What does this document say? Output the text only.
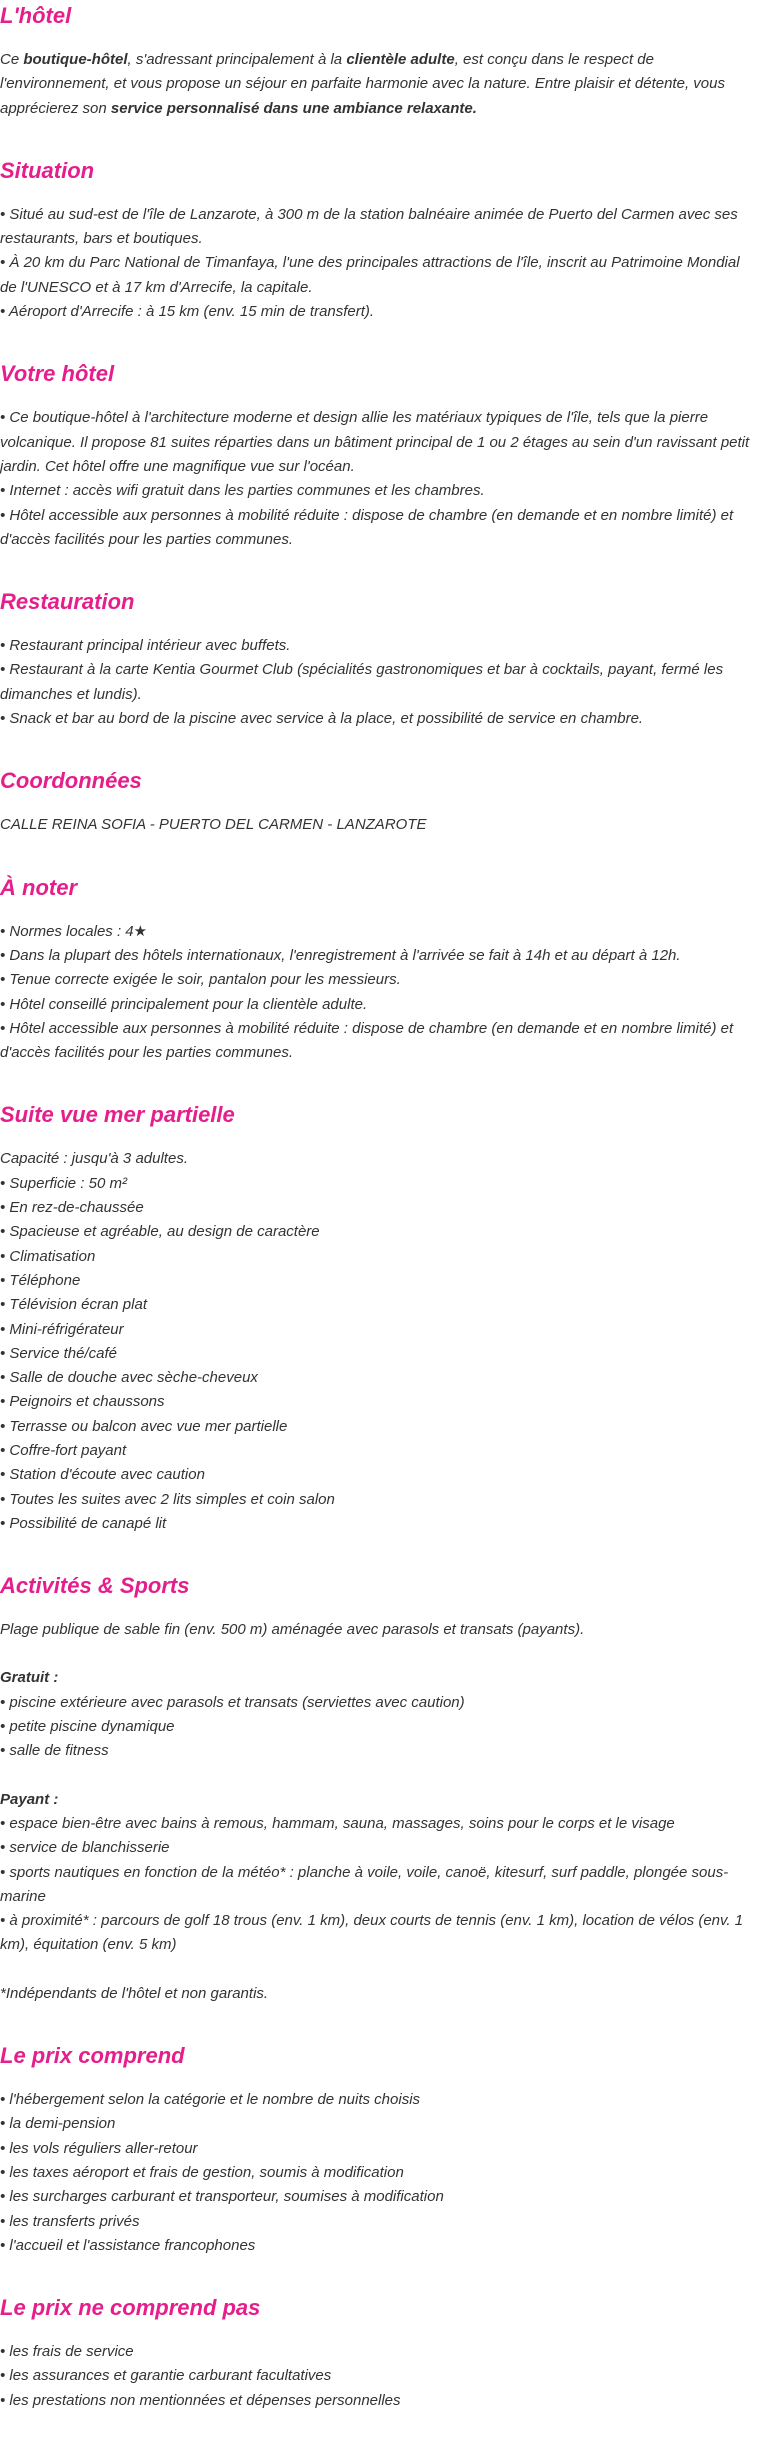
L'hôtel

Ce boutique-hôtel, s'adressant principalement à la clientèle adulte, est conçu dans le respect de l'environnement, et vous propose un séjour en parfaite harmonie avec la nature. Entre plaisir et détente, vous apprécierez son service personnalisé dans une ambiance relaxante.

Situation
• Situé au sud-est de l'île de Lanzarote, à 300 m de la station balnéaire animée de Puerto del Carmen avec ses restaurants, bars et boutiques.
• À 20 km du Parc National de Timanfaya, l'une des principales attractions de l'île, inscrit au Patrimoine Mondial de l'UNESCO et à 17 km d'Arrecife, la capitale.
• Aéroport d'Arrecife : à 15 km (env. 15 min de transfert).
Votre hôtel
• Ce boutique-hôtel à l'architecture moderne et design allie les matériaux typiques de l'île, tels que la pierre volcanique. Il propose 81 suites réparties dans un bâtiment principal de 1 ou 2 étages au sein d'un ravissant petit jardin. Cet hôtel offre une magnifique vue sur l'océan.
• Internet : accès wifi gratuit dans les parties communes et les chambres.
• Hôtel accessible aux personnes à mobilité réduite : dispose de chambre (en demande et en nombre limité) et d'accès facilités pour les parties communes.
Restauration
• Restaurant principal intérieur avec buffets.
• Restaurant à la carte Kentia Gourmet Club (spécialités gastronomiques et bar à cocktails, payant, fermé les dimanches et lundis).
• Snack et bar au bord de la piscine avec service à la place, et possibilité de service en chambre.
Coordonnées
CALLE REINA SOFIA - PUERTO DEL CARMEN - LANZAROTE
À noter
• Normes locales : 4★
• Dans la plupart des hôtels internationaux, l'enregistrement à l'arrivée se fait à 14h et au départ à 12h.
• Tenue correcte exigée le soir, pantalon pour les messieurs.
• Hôtel conseillé principalement pour la clientèle adulte.
• Hôtel accessible aux personnes à mobilité réduite : dispose de chambre (en demande et en nombre limité) et d'accès facilités pour les parties communes.
Suite vue mer partielle
Capacité : jusqu'à 3 adultes.
• Superficie : 50 m²
• En rez-de-chaussée
• Spacieuse et agréable, au design de caractère
• Climatisation
• Téléphone
• Télévision écran plat
• Mini-réfrigérateur
• Service thé/café
• Salle de douche avec sèche-cheveux
• Peignoirs et chaussons
• Terrasse ou balcon avec vue mer partielle
• Coffre-fort payant
• Station d'écoute avec caution
• Toutes les suites avec 2 lits simples et coin salon
• Possibilité de canapé lit
Activités & Sports

Plage publique de sable fin (env. 500 m) aménagée avec parasols et transats (payants).

Gratuit :

• piscine extérieure avec parasols et transats (serviettes avec caution)
• petite piscine dynamique
• salle de fitness

Payant :

• espace bien-être avec bains à remous, hammam, sauna, massages, soins pour le corps et le visage
• service de blanchisserie
• sports nautiques en fonction de la météo* : planche à voile, voile, canoë, kitesurf, surf paddle, plongée sous-marine
• à proximité* : parcours de golf 18 trous (env. 1 km), deux courts de tennis (env. 1 km), location de vélos (env. 1 km), équitation (env. 5 km)

*Indépendants de l'hôtel et non garantis.

Le prix comprend
• l'hébergement selon la catégorie et le nombre de nuits choisis
• la demi-pension
• les vols réguliers aller-retour
• les taxes aéroport et frais de gestion, soumis à modification
• les surcharges carburant et transporteur, soumises à modification
• les transferts privés
• l'accueil et l'assistance francophones
Le prix ne comprend pas
• les frais de service
• les assurances et garantie carburant facultatives
• les prestations non mentionnées et dépenses personnelles
